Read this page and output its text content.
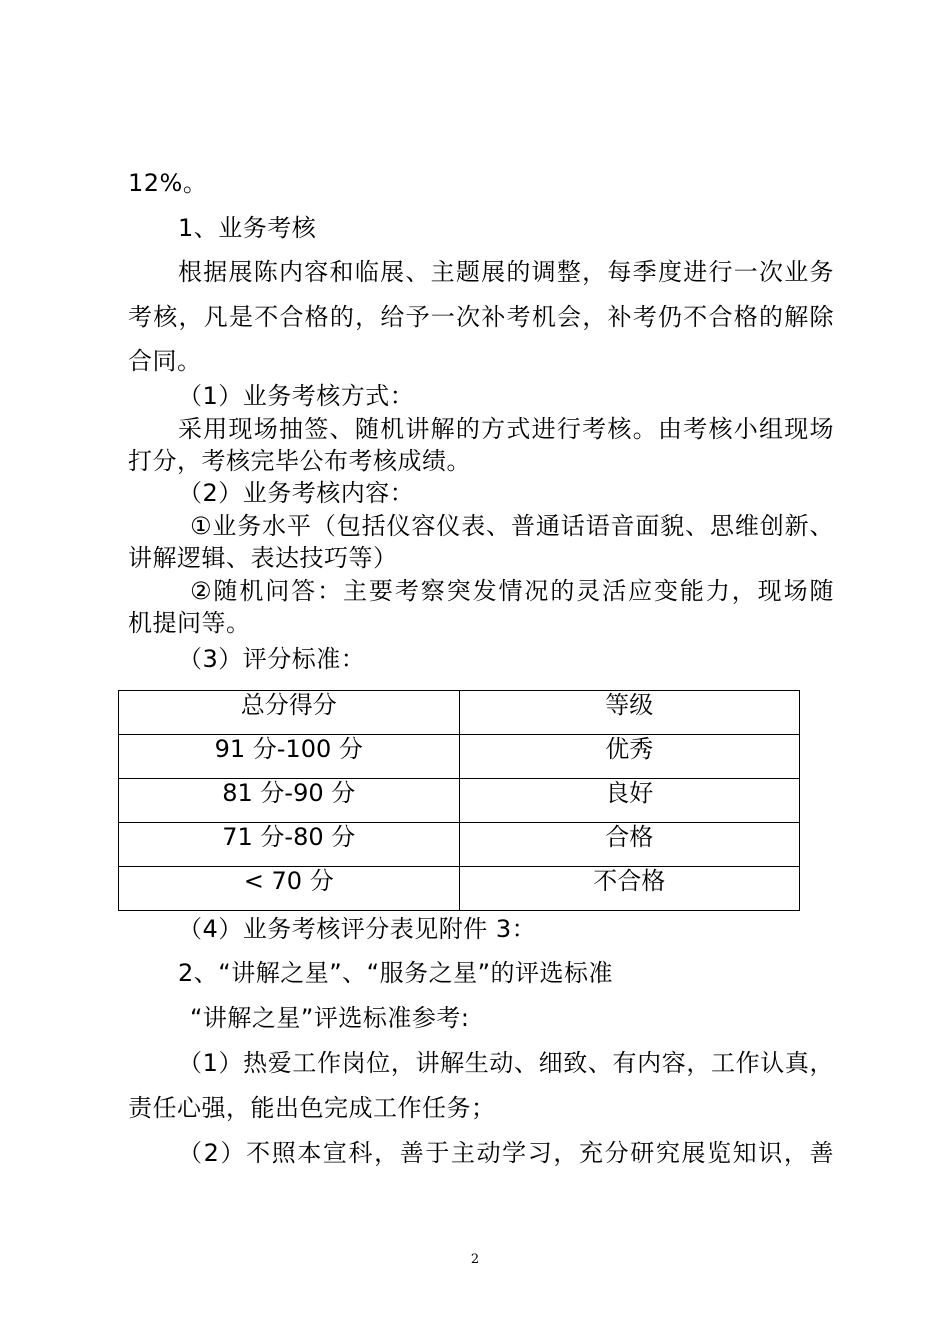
12%。
1、业务考核
根据展陈内容和临展、主题展的调整，每季度进行一次业务
考核，凡是不合格的，给予一次补考机会，补考仍不合格的解除
合同。
（1）业务考核方式：
采用现场抽签、随机讲解的方式进行考核。由考核小组现场
打分，考核完毕公布考核成绩。
（2）业务考核内容：
①业务水平（包括仪容仪表、普通话语音面貌、思维创新、
讲解逻辑、表达技巧等）
②随机问答：主要考察突发情况的灵活应变能力，现场随
机提问等。
（3）评分标准：
总分得分	等级
91 分-100 分	优秀
81 分-90 分	良好
71 分-80 分	合格
< 70 分	不合格
（4）业务考核评分表见附件 3：
2、“讲解之星”、“服务之星”的评选标准
“讲解之星”评选标准参考:
（1）热爱工作岗位，讲解生动、细致、有内容，工作认真，
责任心强，能出色完成工作任务；
（2）不照本宣科，善于主动学习，充分研究展览知识，善
2
